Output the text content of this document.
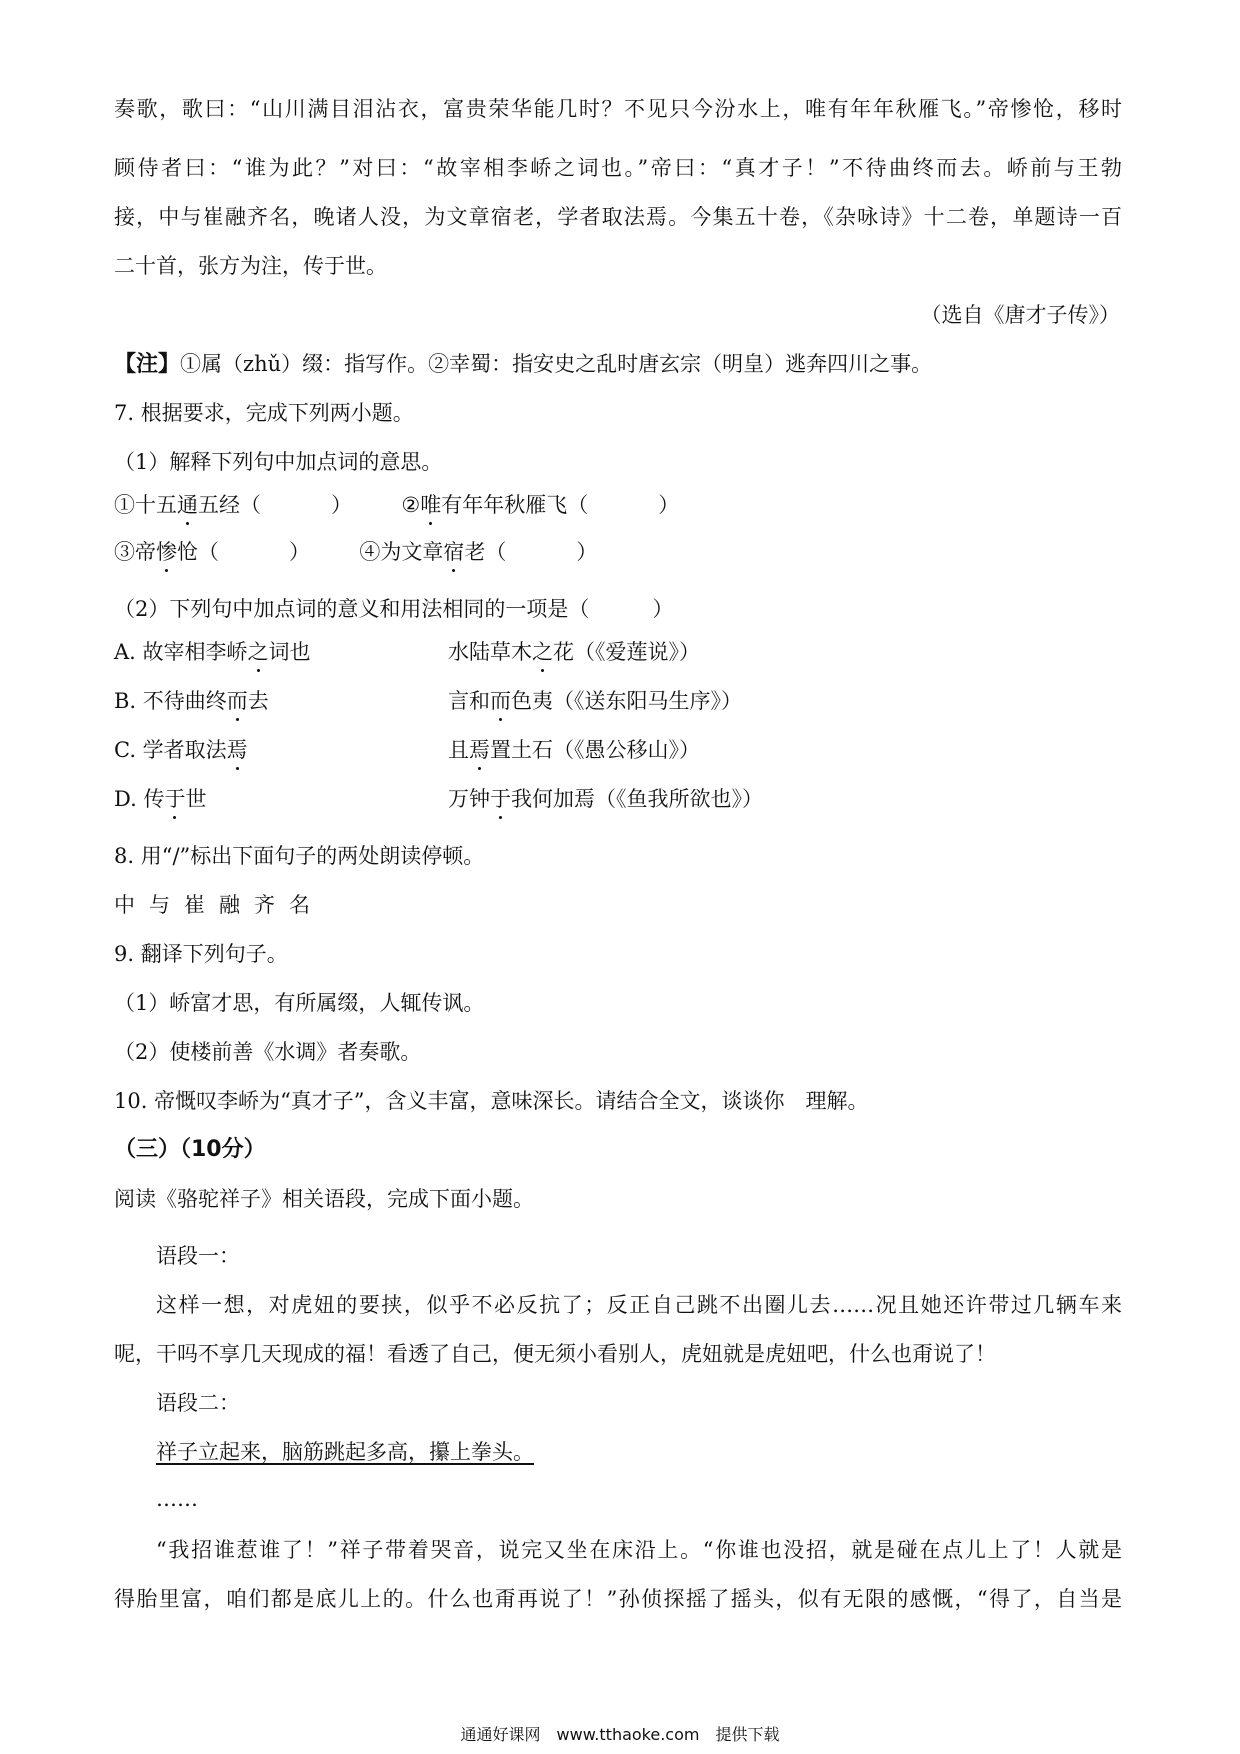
奏歌，歌曰：“山川满目泪沾衣，富贵荣华能几时？不见只今汾水上，唯有年年秋雁飞。”帝惨怆，移时
顾侍者曰：“谁为此？”对曰：“故宰相李峤之词也。”帝曰：“真才子！”不待曲终而去。峤前与王勃
接，中与崔融齐名，晚诸人没，为文章宿老，学者取法焉。今集五十卷，《杂咏诗》十二卷，单题诗一百
二十首，张方为注，传于世。
（选自《唐才子传》）
【注】①属（zhǔ）缀：指写作。②幸蜀：指安史之乱时唐玄宗（明皇）逃奔四川之事。
7. 根据要求，完成下列两小题。
（1）解释下列句中加点词的意思。
①十五通五经（	） ②唯有年年秋雁飞（	）
③帝惨怆（	） ④为文章宿老（	）
（2）下列句中加点词的意义和用法相同的一项是（　　　）
A. 故宰相李峤之词也	水陆草木之花（《爱莲说》）
B. 不待曲终而去	言和而色夷（《送东阳马生序》）
C. 学者取法焉	且焉置土石（《愚公移山》）
D. 传于世	万钟于我何加焉（《鱼我所欲也》）
8. 用“/”标出下面句子的两处朗读停顿。
中与崔融齐名
9. 翻译下列句子。
（1）峤富才思，有所属缀，人辄传讽。
（2）使楼前善《水调》者奏歌。
10. 帝慨叹李峤为“真才子”，含义丰富，意味深长。请结合全文，谈谈你　理解。
（三）（10分）
阅读《骆驼祥子》相关语段，完成下面小题。
语段一：
这样一想，对虎妞的要挟，似乎不必反抗了；反正自己跳不出圈儿去……况且她还许带过几辆车来
呢，干吗不享几天现成的福！看透了自己，便无须小看别人，虎妞就是虎妞吧，什么也甭说了！
语段二：
祥子立起来，脑筋跳起多高，攥上拳头。
……
“我招谁惹谁了！”祥子带着哭音，说完又坐在床沿上。“你谁也没招，就是碰在点儿上了！人就是
得胎里富，咱们都是底儿上的。什么也甭再说了！”孙侦探摇了摇头，似有无限的感慨，“得了，自当是
通通好课网　www.tthaoke.com　提供下载
